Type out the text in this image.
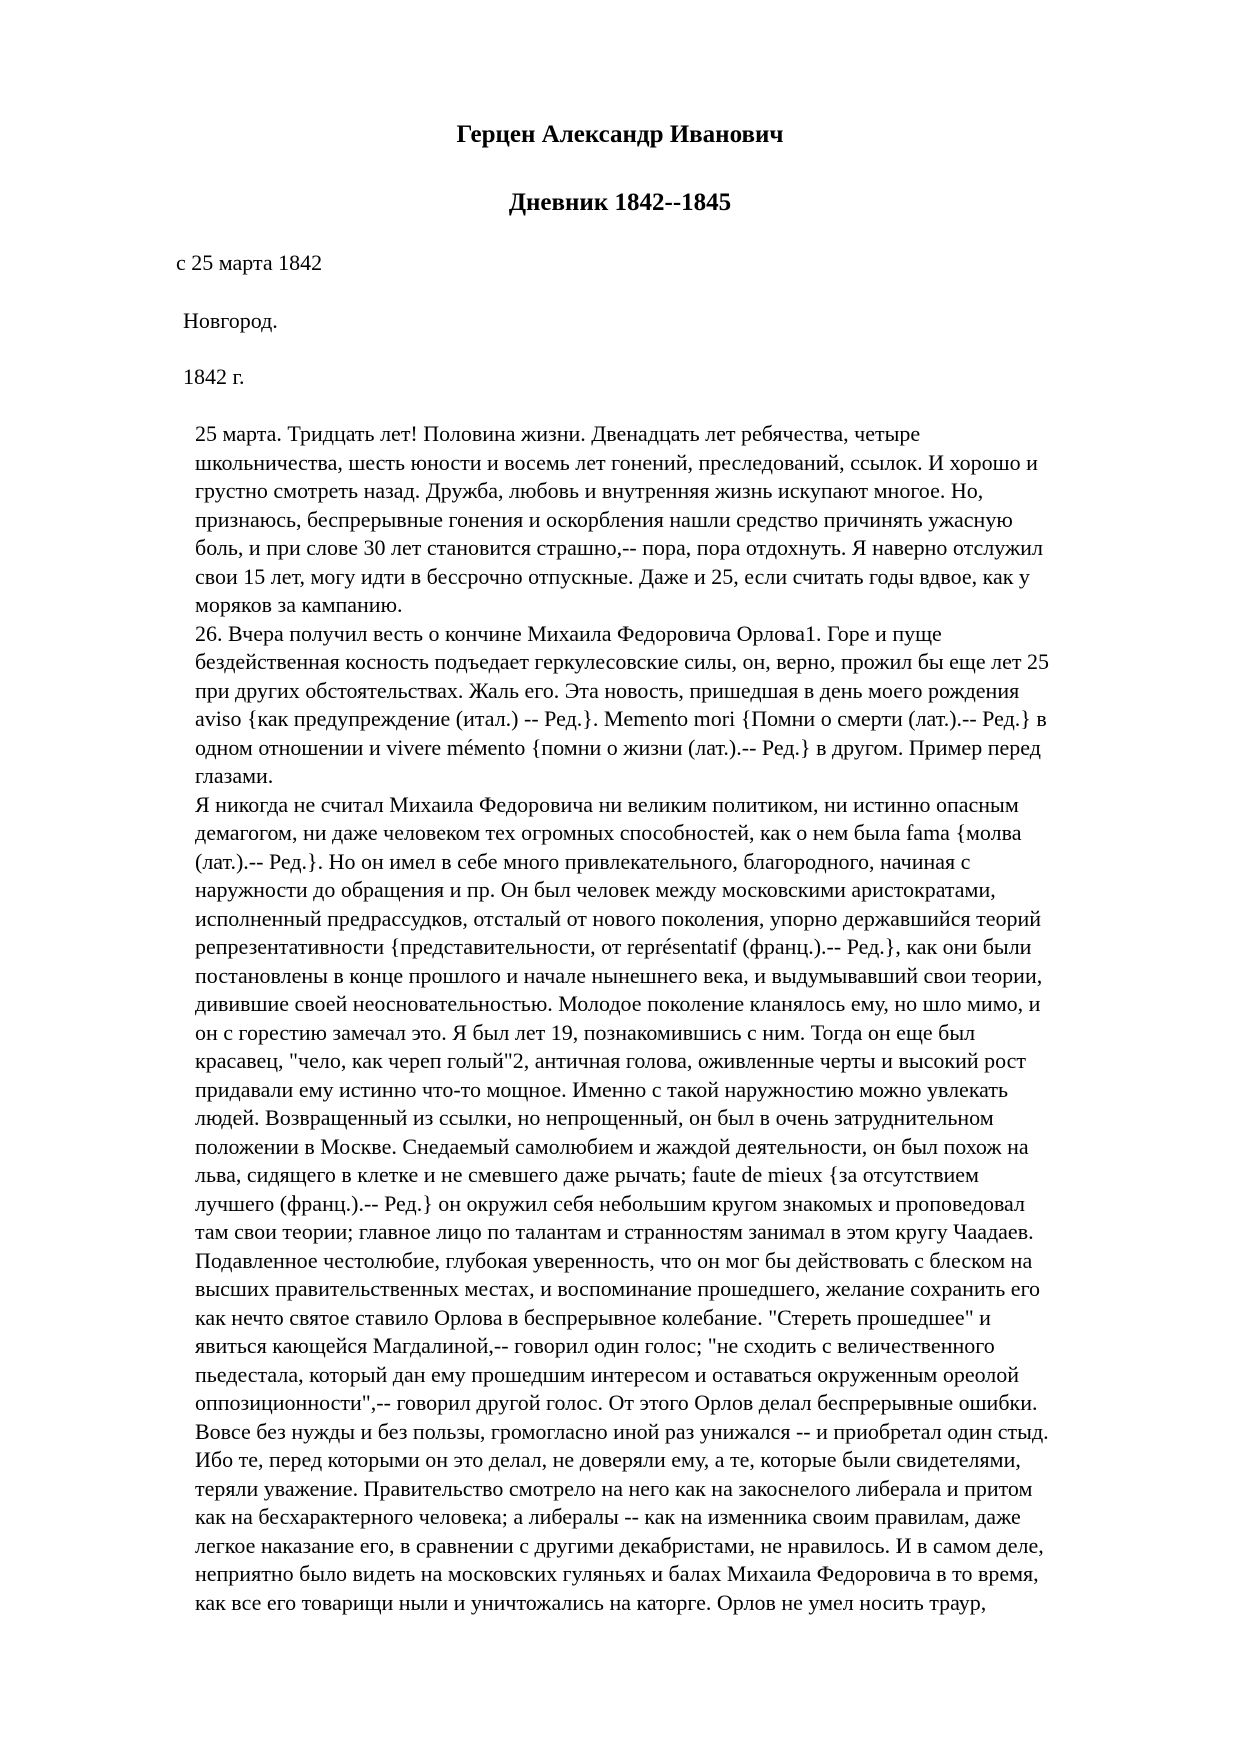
Герцен Александр Иванович
Дневник 1842--1845

с 25 марта 1842

Новгород.

1842 г.

25 марта. Тридцать лет! Половина жизни. Двенадцать лет ребячества, четыре
школьничества, шесть юности и восемь лет гонений, преследований, ссылок. И хорошо и
грустно смотреть назад. Дружба, любовь и внутренняя жизнь искупают многое. Но,
признаюсь, беспрерывные гонения и оскорбления нашли средство причинять ужасную
боль, и при слове 30 лет становится страшно,-- пора, пора отдохнуть. Я наверно отслужил
свои 15 лет, могу идти в бессрочно отпускные. Даже и 25, если считать годы вдвое, как у
моряков за кампанию.

26. Вчера получил весть о кончине Михаила Федоровича Орлова1. Горе и пуще
бездейственная косность подъедает геркулесовские силы, он, верно, прожил бы еще лет 25
при других обстоятельствах. Жаль его. Эта новость, пришедшая в день моего рождения
aviso {как предупреждение (итал.) -- Ред.}. Memento mori {Помни о смерти (лат.).-- Ред.} в
одном отношении и vivere méмento {помни о жизни (лат.).-- Ред.} в другом. Пример перед
глазами.

Я никогда не считал Михаила Федоровича ни великим политиком, ни истинно опасным
демагогом, ни даже человеком тех огромных способностей, как о нем была fama {молва
(лат.).-- Ред.}. Но он имел в себе много привлекательного, благородного, начиная с
наружности до обращения и пр. Он был человек между московскими аристократами,
исполненный предрассудков, отсталый от нового поколения, упорно державшийся теорий
репрезентативности {представительности, от représentatif (франц.).-- Ред.}, как они были
постановлены в конце прошлого и начале нынешнего века, и выдумывавший свои теории,
дивившие своей неосновательностью. Молодое поколение кланялось ему, но шло мимо, и
он с горестию замечал это. Я был лет 19, познакомившись с ним. Тогда он еще был
красавец, "чело, как череп голый"2, античная голова, оживленные черты и высокий рост
придавали ему истинно что-то мощное. Именно с такой наружностию можно увлекать
людей. Возвращенный из ссылки, но непрощенный, он был в очень затруднительном
положении в Москве. Снедаемый самолюбием и жаждой деятельности, он был похож на
льва, сидящего в клетке и не смевшего даже рычать; faute de mieux {за отсутствием
лучшего (франц.).-- Ред.} он окружил себя небольшим кругом знакомых и проповедовал
там свои теории; главное лицо по талантам и странностям занимал в этом кругу Чаадаев.
Подавленное честолюбие, глубокая уверенность, что он мог бы действовать с блеском на
высших правительственных местах, и воспоминание прошедшего, желание сохранить его
как нечто святое ставило Орлова в беспрерывное колебание. "Стереть прошедшее" и
явиться кающейся Магдалиной,-- говорил один голос; "не сходить с величественного
пьедестала, который дан ему прошедшим интересом и оставаться окруженным ореолой
оппозиционности",-- говорил другой голос. От этого Орлов делал беспрерывные ошибки.
Вовсе без нужды и без пользы, громогласно иной раз унижался -- и приобретал один стыд.
Ибо те, перед которыми он это делал, не доверяли ему, а те, которые были свидетелями,
теряли уважение. Правительство смотрело на него как на закоснелого либерала и притом
как на бесхарактерного человека; а либералы -- как на изменника своим правилам, даже
легкое наказание его, в сравнении с другими декабристами, не нравилось. И в самом деле,
неприятно было видеть на московских гуляньях и балах Михаила Федоровича в то время,
как все его товарищи ныли и уничтожались на каторге. Орлов не умел носить траур,
